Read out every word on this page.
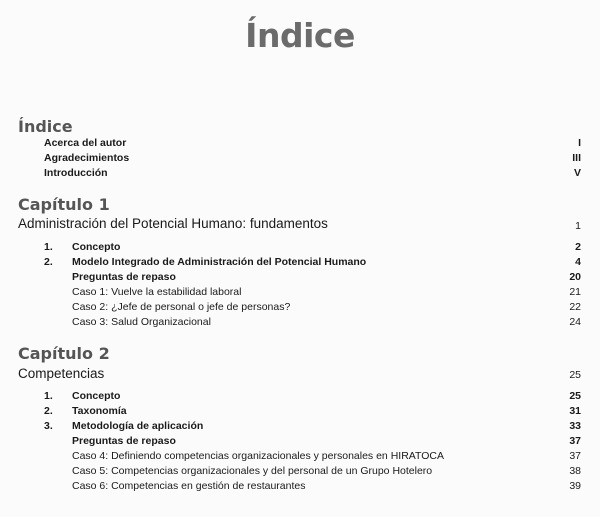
Índice
Índice
Acerca del autor	I
Agradecimientos	III
Introducción	V
Capítulo 1
Administración del Potencial Humano: fundamentos	1
1.	Concepto	2
2.	Modelo Integrado de Administración del Potencial Humano	4
Preguntas de repaso	20
Caso 1: Vuelve la estabilidad laboral	21
Caso 2: ¿Jefe de personal o jefe de personas?	22
Caso 3: Salud Organizacional	24
Capítulo 2
Competencias	25
1.	Concepto	25
2.	Taxonomía	31
3.	Metodología de aplicación	33
Preguntas de repaso	37
Caso 4: Definiendo competencias organizacionales y personales en HIRATOCA	37
Caso 5: Competencias organizacionales y del personal de un Grupo Hotelero	38
Caso 6: Competencias en gestión de restaurantes	39
